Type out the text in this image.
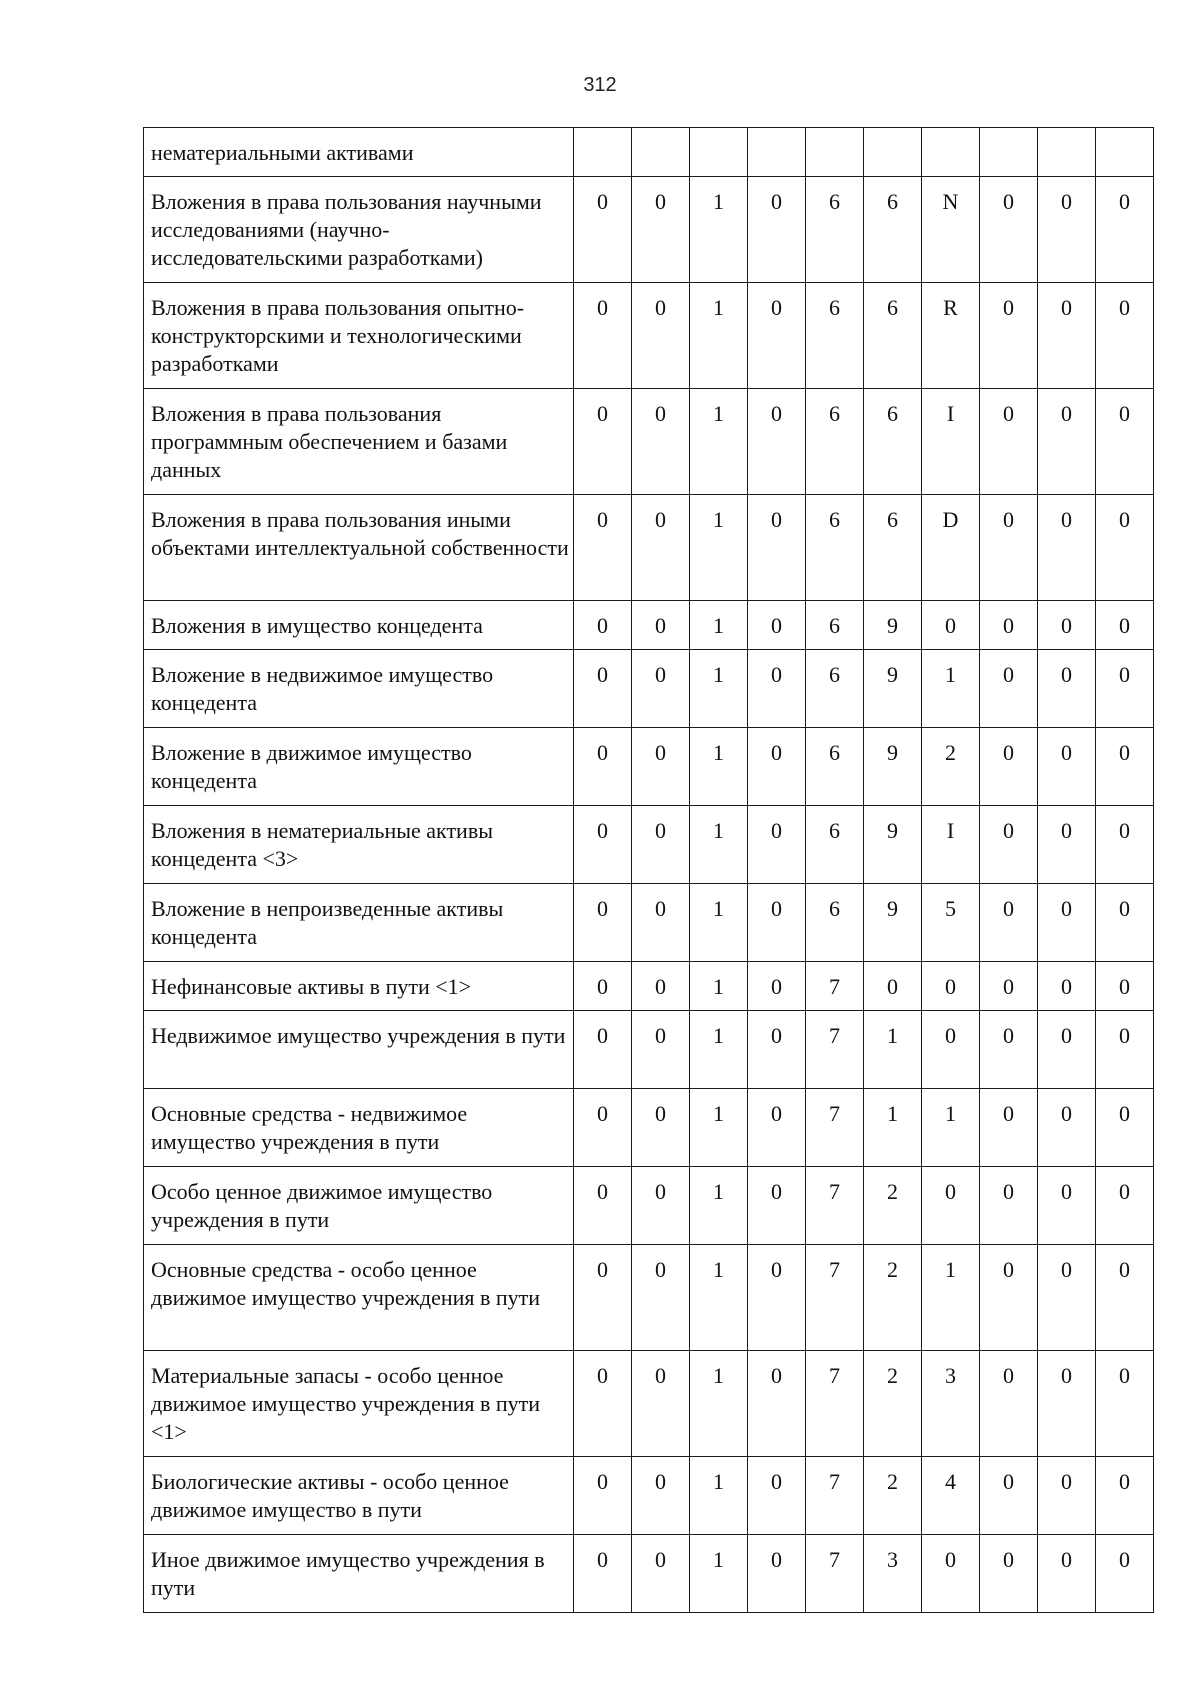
312
нематериальными активами										
Вложения в права пользования научными исследованиями (научно-исследовательскими разработками)	0	0	1	0	6	6	N	0	0	0
Вложения в права пользования опытно-конструкторскими и технологическими разработками	0	0	1	0	6	6	R	0	0	0
Вложения в права пользования программным обеспечением и базами данных	0	0	1	0	6	6	I	0	0	0
Вложения в права пользования иными объектами интеллектуальной собственности	0	0	1	0	6	6	D	0	0	0
Вложения в имущество концедента	0	0	1	0	6	9	0	0	0	0
Вложение в недвижимое имущество концедента	0	0	1	0	6	9	1	0	0	0
Вложение в движимое имущество концедента	0	0	1	0	6	9	2	0	0	0
Вложения в нематериальные активы концедента <3>	0	0	1	0	6	9	I	0	0	0
Вложение в непроизведенные активы концедента	0	0	1	0	6	9	5	0	0	0
Нефинансовые активы в пути <1>	0	0	1	0	7	0	0	0	0	0
Недвижимое имущество учреждения в пути	0	0	1	0	7	1	0	0	0	0
Основные средства - недвижимое имущество учреждения в пути	0	0	1	0	7	1	1	0	0	0
Особо ценное движимое имущество учреждения в пути	0	0	1	0	7	2	0	0	0	0
Основные средства - особо ценное движимое имущество учреждения в пути	0	0	1	0	7	2	1	0	0	0
Материальные запасы - особо ценное движимое имущество учреждения в пути <1>	0	0	1	0	7	2	3	0	0	0
Биологические активы - особо ценное движимое имущество в пути	0	0	1	0	7	2	4	0	0	0
Иное движимое имущество учреждения в пути	0	0	1	0	7	3	0	0	0	0
